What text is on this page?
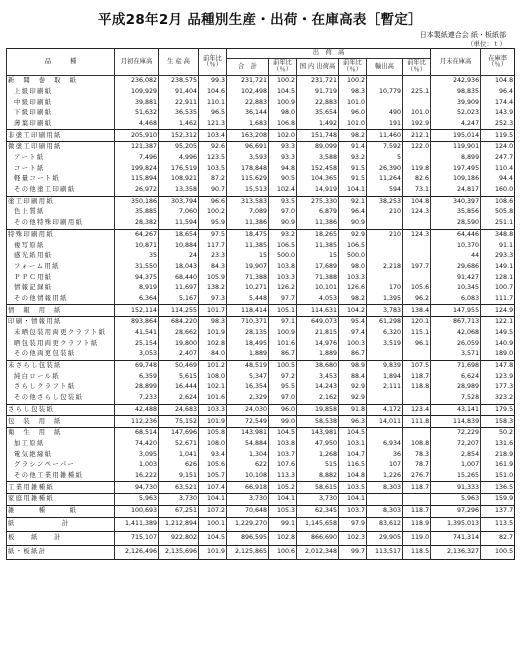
平成28年2月 品種別生産・出荷・在庫高表［暫定］
日本製紙連合会 紙・板紙部
（単位：ｔ）
品　　　種	月初在庫高	生 産 高	前年比（％）	出　荷　高						月末在庫高	在庫率（％）
				合　計	前年比（％）	国 内 出荷高	前年比（％）	輸出高	前年比（％）		
新　聞　巻　取　紙	236,082	238,575	99.3	231,721	100.2	231,721	100.2			242,936	104.8
上級印刷紙	109,929	91,404	104.6	102,498	104.5	91,719	98.3	10,779	225.1	98,835	96.4
中級印刷紙	39,881	22,911	110.1	22,883	100.9	22,883	101.0			39,909	174.4
下級印刷紙	51,632	36,535	96.5	36,144	98.0	35,654	96.0	490	101.0	52,023	143.9
薄葉印刷紙	4,468	1,462	121.3	1,683	106.8	1,492	101.0	191	192.9	4,247	252.3
非塗工印刷用紙	205,910	152,312	103.4	163,208	102.0	151,748	98.2	11,460	212.1	195,014	119.5
微塗工印刷用紙	121,387	95,205	92.6	96,691	93.3	89,099	91.4	7,592	122.0	119,901	124.0
アート紙	7,496	4,996	123.5	3,593	93.3	3,588	93.2	5		8,899	247.7
コート紙	199,824	176,519	103.5	178,848	94.8	152,458	91.5	26,390	119.8	197,495	110.4
軽量コート紙	115,894	108,921	87.2	115,629	90.5	104,365	91.5	11,264	82.6	109,186	94.4
その他塗工印刷紙	26,972	13,358	90.7	15,513	102.4	14,919	104.1	594	73.1	24,817	160.0
塗工印刷用紙	350,186	303,794	96.6	313,583	93.5	275,330	92.1	38,253	104.8	340,397	108.6
色上質紙	35,885	7,060	100.2	7,089	97.0	6,879	96.4	210	124.3	35,856	505.8
その他特殊印刷用紙	28,382	11,594	95.9	11,386	90.9	11,386	90.9			28,590	251.1
特殊印刷用紙	64,267	18,654	97.5	18,475	93.2	18,265	92.9	210	124.3	64,446	348.8
複写原紙	10,871	10,884	117.7	11,385	106.5	11,385	106.5			10,370	91.1
感光紙用紙	35	24	23.3	15	500.0	15	500.0			44	293.3
フォーム用紙	31,550	18,043	84.3	19,907	103.8	17,689	98.0	2,218	197.7	29,686	149.1
ＰＰＣ用紙	94,375	68,440	105.9	71,388	103.3	71,388	103.3			91,427	128.1
情報記録紙	8,919	11,697	138.2	10,271	126.2	10,101	126.6	170	105.6	10,345	100.7
その他情報用紙	6,364	5,167	97.3	5,448	97.7	4,053	98.2	1,395	96.2	6,083	111.7
情　報　用　紙	152,114	114,255	101.7	118,414	105.1	114,631	104.2	3,783	138.4	147,955	124.9
印刷・情報用紙	893,864	684,220	98.3	710,371	97.1	649,073	95.4	61,298	120.1	867,713	122.1
未晒包装用両更クラフト紙	41,541	28,662	101.9	28,135	100.9	21,815	97.4	6,320	115.1	42,068	149.5
晒包装用両更クラフト紙	25,154	19,800	102.8	18,495	101.6	14,976	100.3	3,519	96.1	26,059	140.9
その他両更包装紙	3,053	2,407	84.0	1,889	86.7	1,889	86.7			3,571	189.0
未さらし包装紙	69,748	50,469	101.2	48,519	100.5	38,680	98.9	9,839	107.5	71,698	147.8
純白ロール紙	6,359	5,615	108.0	5,347	97.2	3,453	88.4	1,894	118.7	6,624	123.9
さらしクラフト紙	28,899	16,444	102.1	16,354	95.5	14,243	92.9	2,111	118.8	28,989	177.3
その他さらし包装紙	7,233	2,624	101.6	2,329	97.0	2,162	92.9			7,528	323.2
さらし包装紙	42,488	24,683	103.3	24,030	96.0	19,858	91.8	4,172	123.4	43,141	179.5
包　装　用　紙	112,236	75,152	101.9	72,549	99.0	58,538	96.3	14,011	111.8	114,839	158.3
衛　生　用　紙	68,514	147,696	105.8	143,981	104.5	143,981	104.5			72,229	50.2
加工原紙	74,420	52,671	108.0	54,884	103.8	47,950	103.1	6,934	108.8	72,207	131.6
電気絶縁紙	3,095	1,041	93.4	1,304	103.7	1,268	104.7	36	78.3	2,854	218.9
グラシンペーパー	1,003	626	105.6	622	107.6	515	116.5	107	78.7	1,007	161.9
その他工業用雑種紙	16,222	9,151	105.7	10,108	113.3	8,882	104.8	1,226	276.7	15,265	151.0
工業用雑種紙	94,730	63,521	107.4	66,918	105.2	58,615	103.5	8,303	118.7	91,333	136.5
家庭用雑種紙	5,963	3,730	104.1	3,730	104.1	3,730	104.1			5,963	159.9
雑　　　種　　　紙	100,693	67,251	107.2	70,648	105.3	62,345	103.7	8,303	118.7	97,296	137.7
紙　　　　　　計	1,411,389	1,212,894	100.1	1,229,270	99.1	1,145,658	97.9	83,612	118.9	1,395,013	113.5
板　　紙　　計	715,107	922,802	104.5	896,595	102.8	866,690	102.3	29,905	119.0	741,314	82.7
紙・板紙計	2,126,496	2,135,696	101.9	2,125,865	100.6	2,012,348	99.7	113,517	118.5	2,136,327	100.5
